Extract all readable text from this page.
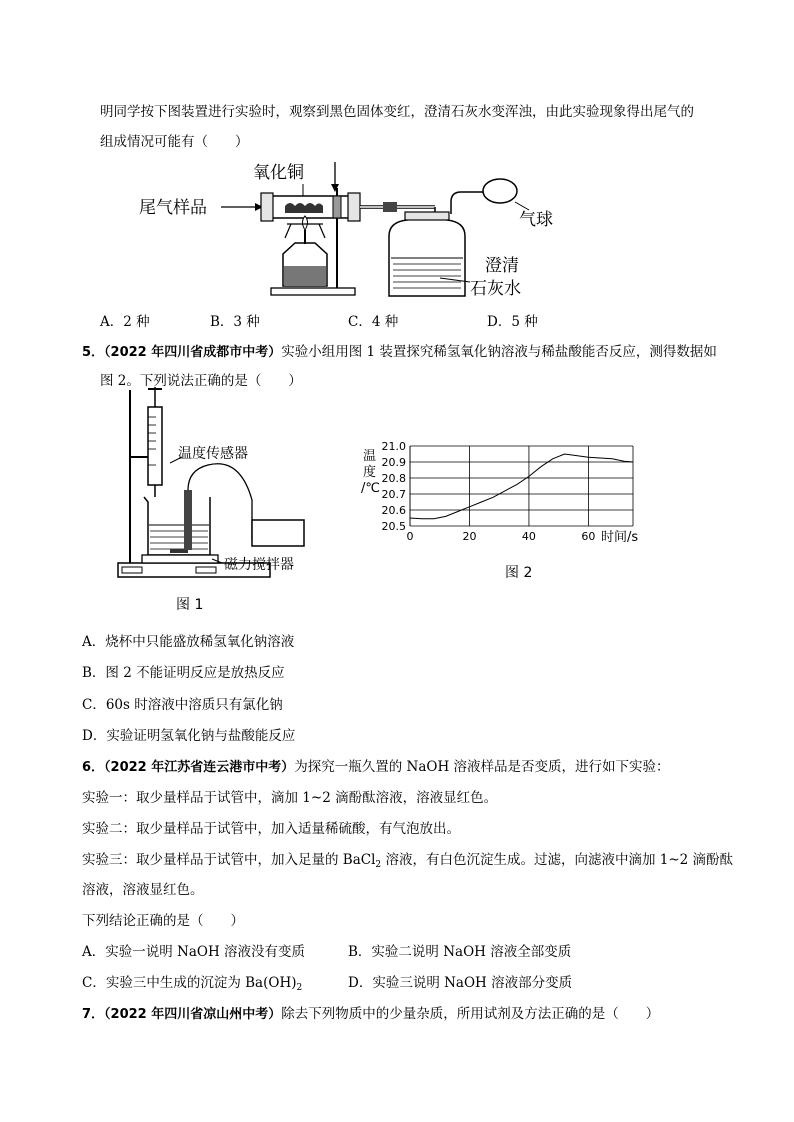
明同学按下图装置进行实验时，观察到黑色固体变红，澄清石灰水变浑浊，由此实验现象得出尾气的
组成情况可能有（　　）
氧化铜
尾气样品
气球
澄清
石灰水
A．2 种	B．3 种	C．4 种	D．5 种
5．（2022 年四川省成都市中考）实验小组用图 1 装置探究稀氢氧化钠溶液与稀盐酸能否反应，测得数据如
图 2。下列说法正确的是（　　）
温度传感器
磁力搅拌器
图 1
20.5
20.6
20.7
20.8
20.9
21.0
0	20	40	60
温
度
/℃
时间/s
图 2
A．烧杯中只能盛放稀氢氧化钠溶液
B．图 2 不能证明反应是放热反应
C．60s 时溶液中溶质只有氯化钠
D．实验证明氢氧化钠与盐酸能反应
6．（2022 年江苏省连云港市中考）为探究一瓶久置的 NaOH 溶液样品是否变质，进行如下实验：
实验一：取少量样品于试管中，滴加 1~2 滴酚酞溶液，溶液显红色。
实验二：取少量样品于试管中，加入适量稀硫酸，有气泡放出。
实验三：取少量样品于试管中，加入足量的 BaCl$_2$ 溶液，有白色沉淀生成。过滤，向滤液中滴加 1~2 滴酚酞
溶液，溶液显红色。
下列结论正确的是（　　）
A．实验一说明 NaOH 溶液没有变质	B．实验二说明 NaOH 溶液全部变质
C．实验三中生成的沉淀为 $Ba(OH)_2$	D．实验三说明 NaOH 溶液部分变质
7．（2022 年四川省凉山州中考）除去下列物质中的少量杂质，所用试剂及方法正确的是（　　）
